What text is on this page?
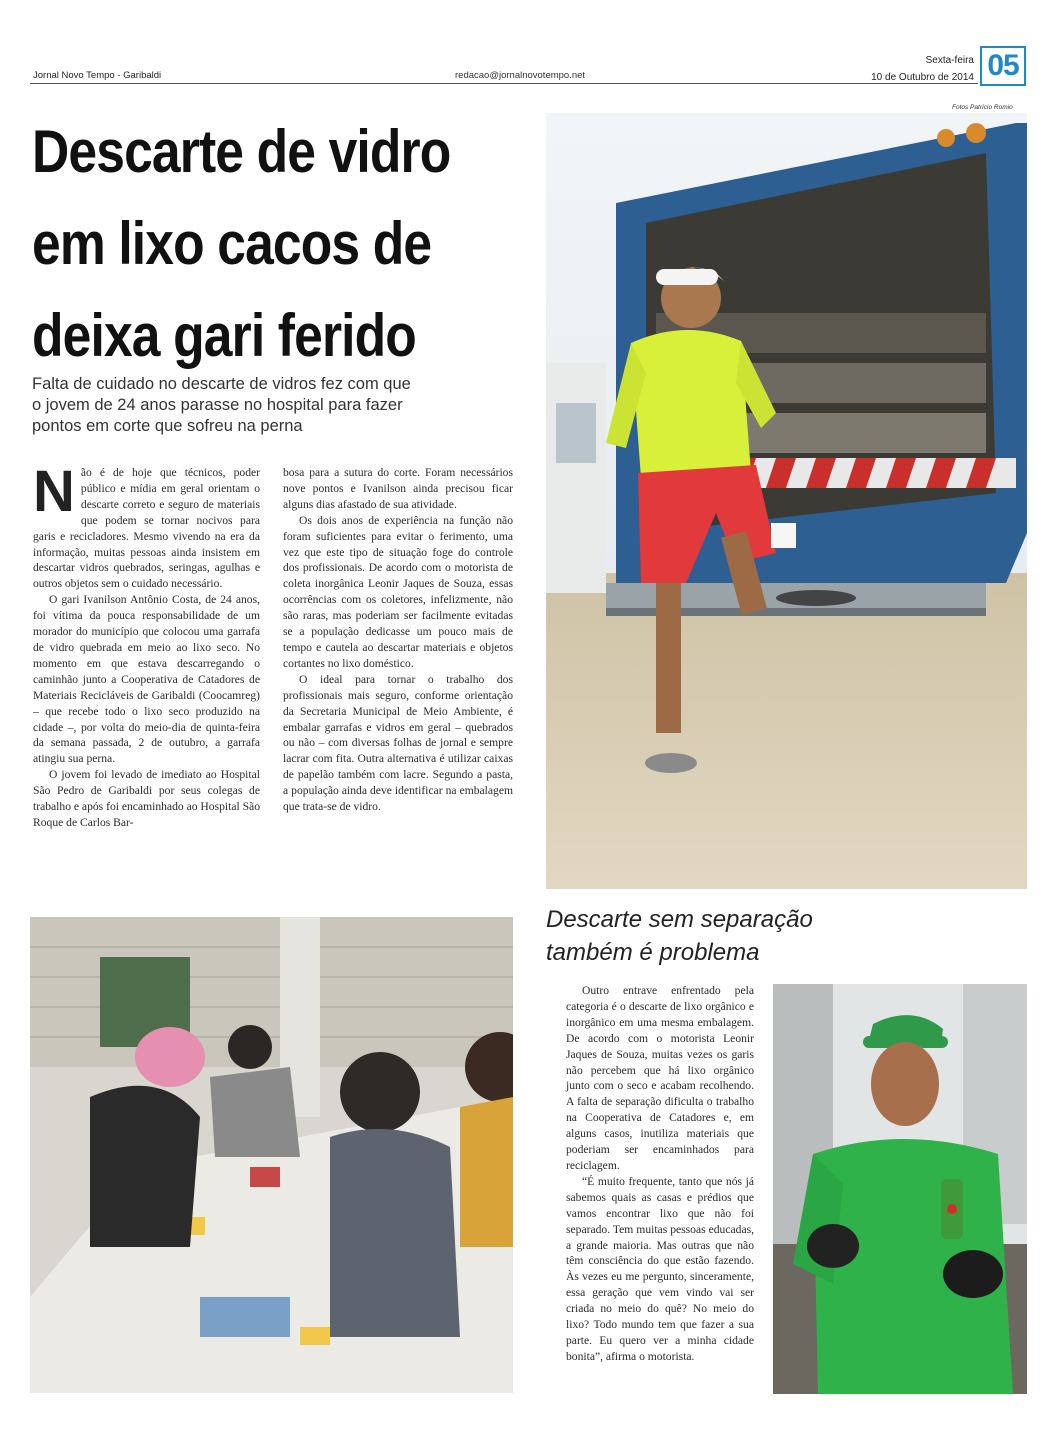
Jornal Novo Tempo - Garibaldi	redacao@jornalnovotempo.net
Sexta-feira
10 de Outubro de 2014 05
Fotos Patrício Romio
Descarte de vidro
em lixo cacos de
deixa gari ferido
Falta de cuidado no descarte de vidros fez com que o jovem de 24 anos parasse no hospital para fazer pontos em corte que sofreu na perna

Não é de hoje que técnicos, poder público e mídia em geral orientam o descarte correto e seguro de materiais que podem se tornar nocivos para garis e recicladores. Mesmo vivendo na era da informação, muitas pessoas ainda insistem em descartar vidros quebrados, seringas, agulhas e outros objetos sem o cuidado necessário.

O gari Ivanilson Antônio Costa, de 24 anos, foi vítima da pouca responsabilidade de um morador do município que colocou uma garrafa de vidro quebrada em meio ao lixo seco. No momento em que estava descarregando o caminhão junto a Cooperativa de Catadores de Materiais Recicláveis de Garibaldi (Coocamreg) – que recebe todo o lixo seco produzido na cidade –, por volta do meio-dia de quinta-feira da semana passada, 2 de outubro, a garrafa atingiu sua perna.

O jovem foi levado de imediato ao Hospital São Pedro de Garibaldi por seus colegas de trabalho e após foi encaminhado ao Hospital São Roque de Carlos Bar-

bosa para a sutura do corte. Foram necessários nove pontos e Ivanilson ainda precisou ficar alguns dias afastado de sua atividade.

Os dois anos de experiência na função não foram suficientes para evitar o ferimento, uma vez que este tipo de situação foge do controle dos profissionais. De acordo com o motorista de coleta inorgânica Leonir Jaques de Souza, essas ocorrências com os coletores, infelizmente, não são raras, mas poderiam ser facilmente evitadas se a população dedicasse um pouco mais de tempo e cautela ao descartar materiais e objetos cortantes no lixo doméstico.

O ideal para tornar o trabalho dos profissionais mais seguro, conforme orientação da Secretaria Municipal de Meio Ambiente, é embalar garrafas e vidros em geral – quebrados ou não – com diversas folhas de jornal e sempre lacrar com fita. Outra alternativa é utilizar caixas de papelão também com lacre. Segundo a pasta, a população ainda deve identificar na embalagem que trata-se de vidro.

Descarte sem separação também é problema

Outro entrave enfrentado pela categoria é o descarte de lixo orgânico e inorgânico em uma mesma embalagem. De acordo com o motorista Leonir Jaques de Souza, muitas vezes os garis não percebem que há lixo orgânico junto com o seco e acabam recolhendo. A falta de separação dificulta o trabalho na Cooperativa de Catadores e, em alguns casos, inutiliza materiais que poderiam ser encaminhados para reciclagem.

“É muito frequente, tanto que nós já sabemos quais as casas e prédios que vamos encontrar lixo que não foi separado. Tem muitas pessoas educadas, a grande maioria. Mas outras que não têm consciência do que estão fazendo. Às vezes eu me pergunto, sinceramente, essa geração que vem vindo vai ser criada no meio do quê? No meio do lixo? Todo mundo tem que fazer a sua parte. Eu quero ver a minha cidade bonita”, afirma o motorista.
